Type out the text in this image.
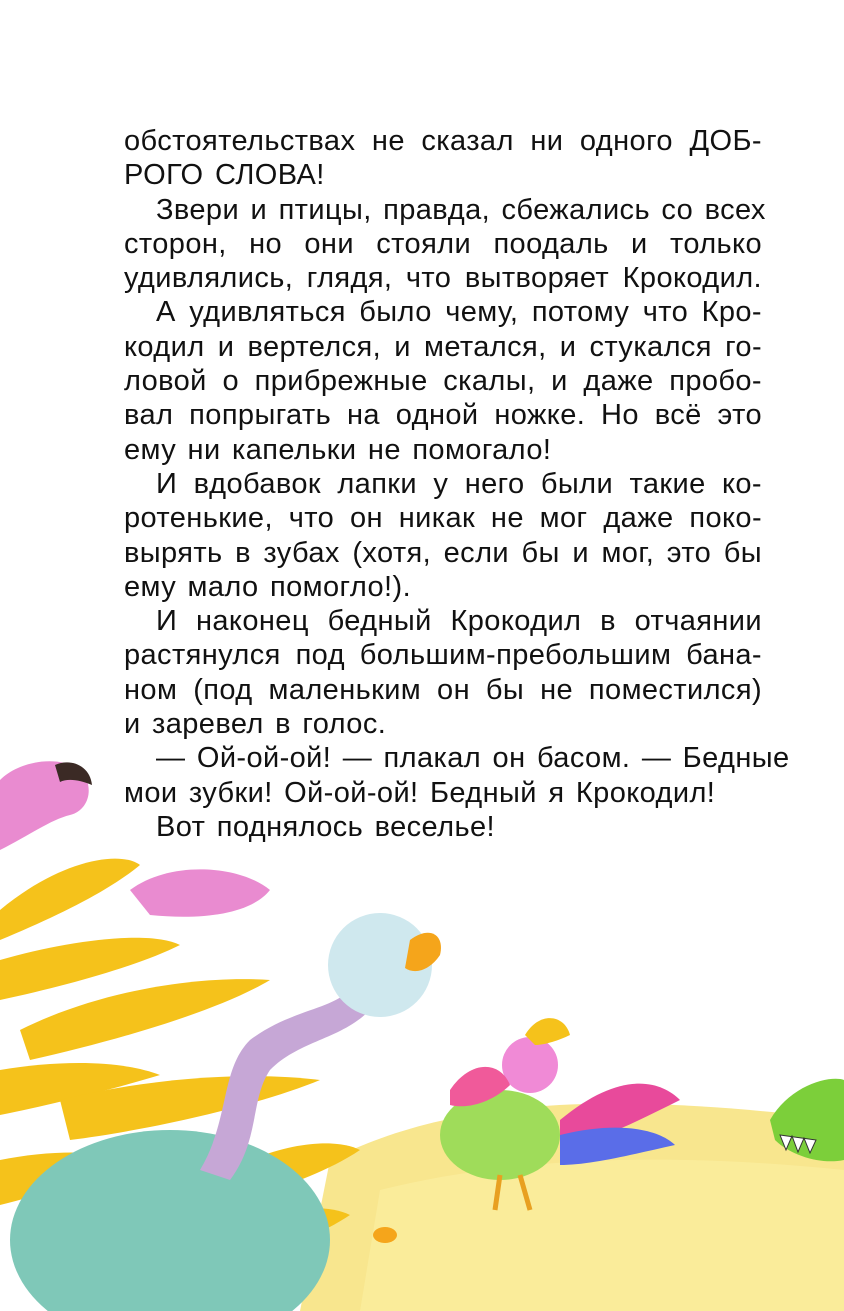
обстоятельствах не сказал ни одного ДОБ-
РОГО СЛОВА!
Звери и птицы, правда, сбежались со всех
сторон, но они стояли поодаль и только
удивлялись, глядя, что вытворяет Крокодил.
А удивляться было чему, потому что Кро-
кодил и вертелся, и метался, и стукался го-
ловой о прибрежные скалы, и даже пробо-
вал попрыгать на одной ножке. Но всё это
ему ни капельки не помогало!
И вдобавок лапки у него были такие ко-
ротенькие, что он никак не мог даже поко-
вырять в зубах (хотя, если бы и мог, это бы
ему мало помогло!).
И наконец бедный Крокодил в отчаянии
растянулся под большим-пребольшим бана-
ном (под маленьким он бы не поместился)
и заревел в голос.
— Ой-ой-ой! — плакал он басом. — Бедные
мои зубки! Ой-ой-ой! Бедный я Крокодил!
Вот поднялось веселье!
